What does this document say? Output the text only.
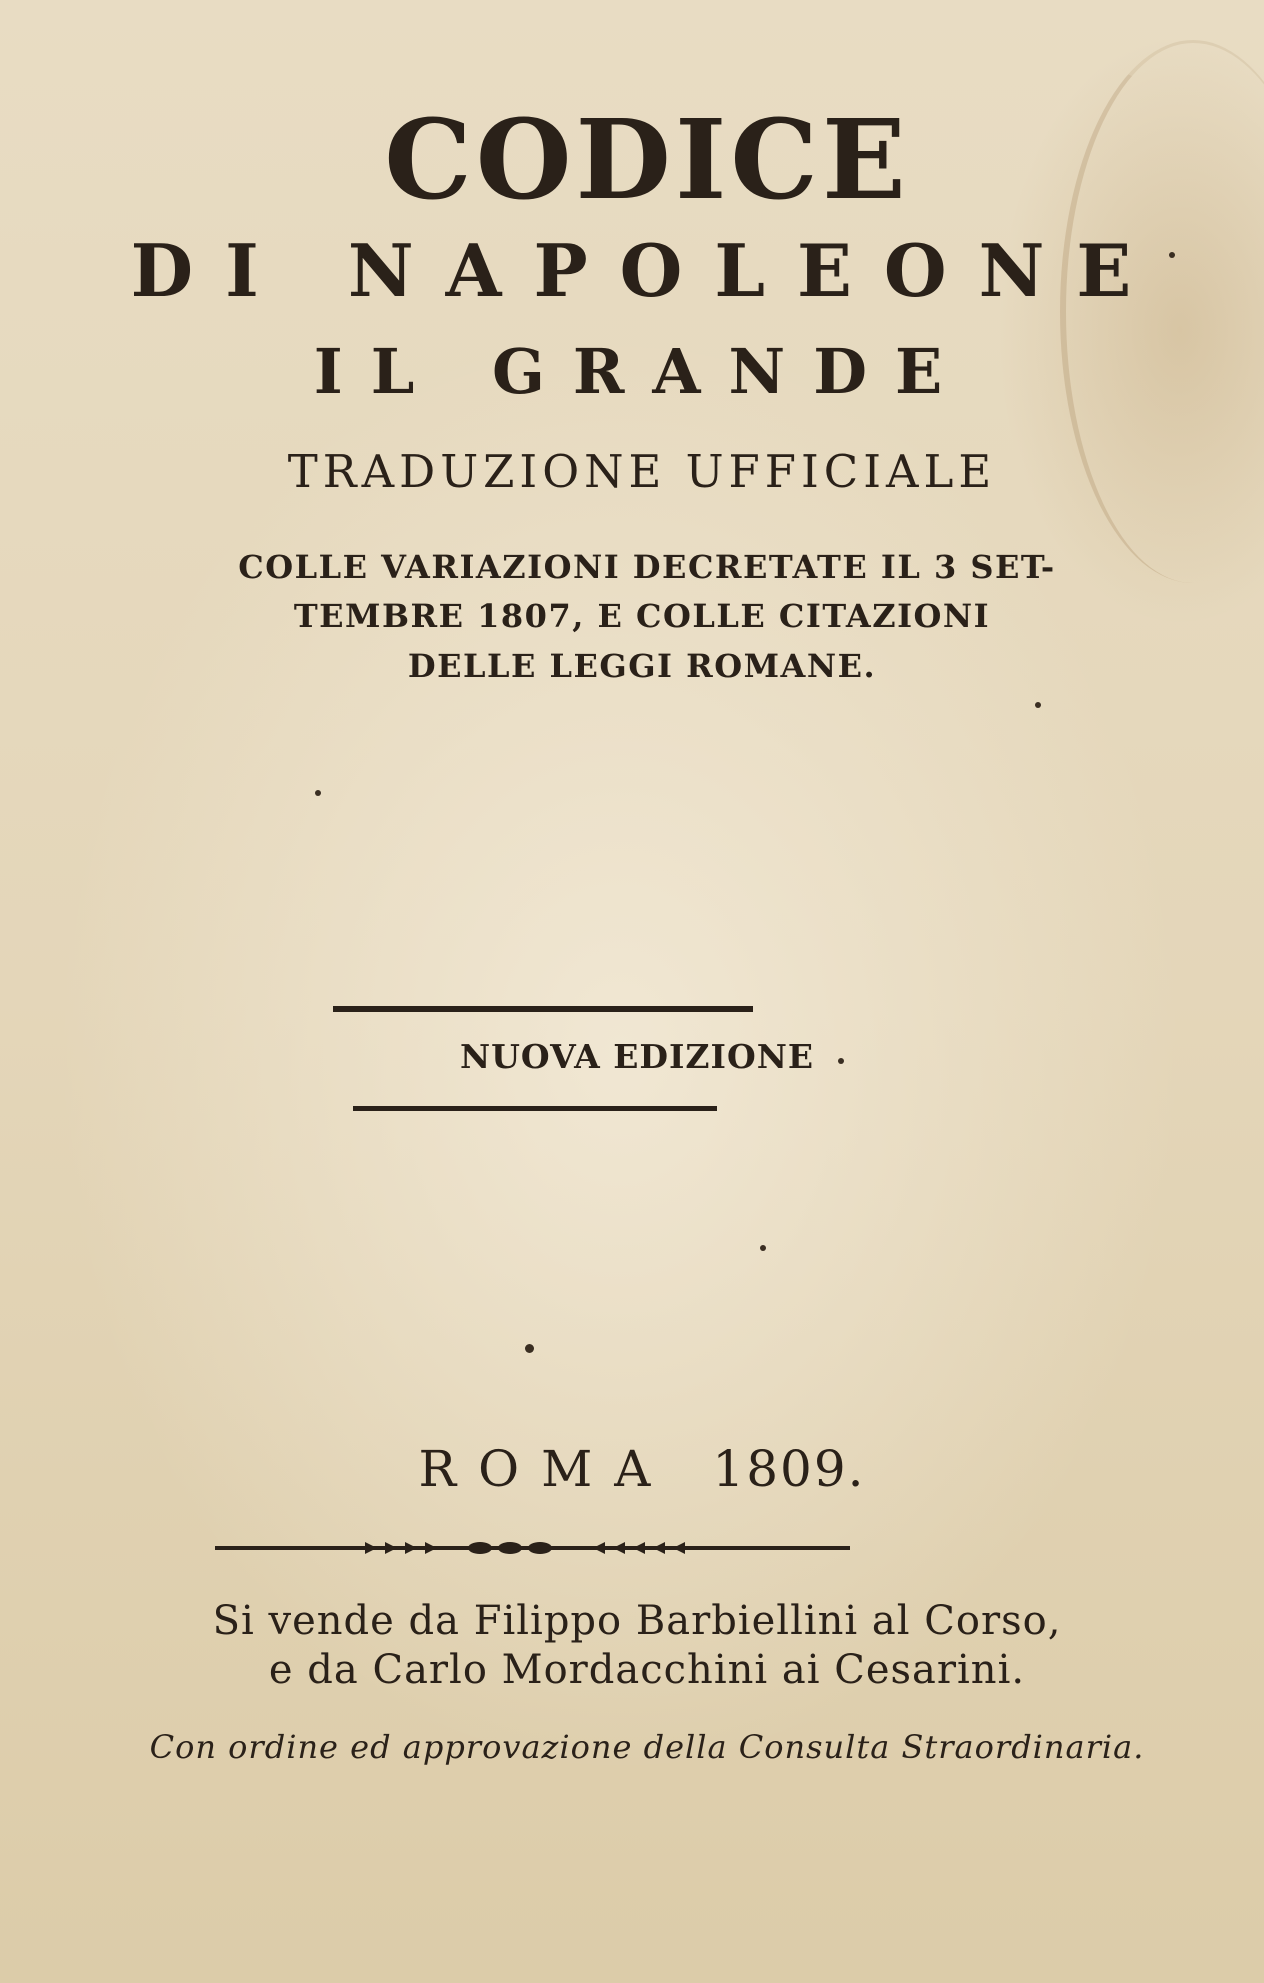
CODICE

DI NAPOLEONE

IL GRANDE

TRADUZIONE UFFICIALE

COLLE VARIAZIONI DECRETATE IL 3 SET-

TEMBRE 1807, E COLLE CITAZIONI

DELLE LEGGI ROMANE.

NUOVA EDIZIONE

ROMA 1809.

Si vende da Filippo Barbiellini al Corso,

e da Carlo Mordacchini ai Cesarini.

Con ordine ed approvazione della Consulta Straordinaria.
